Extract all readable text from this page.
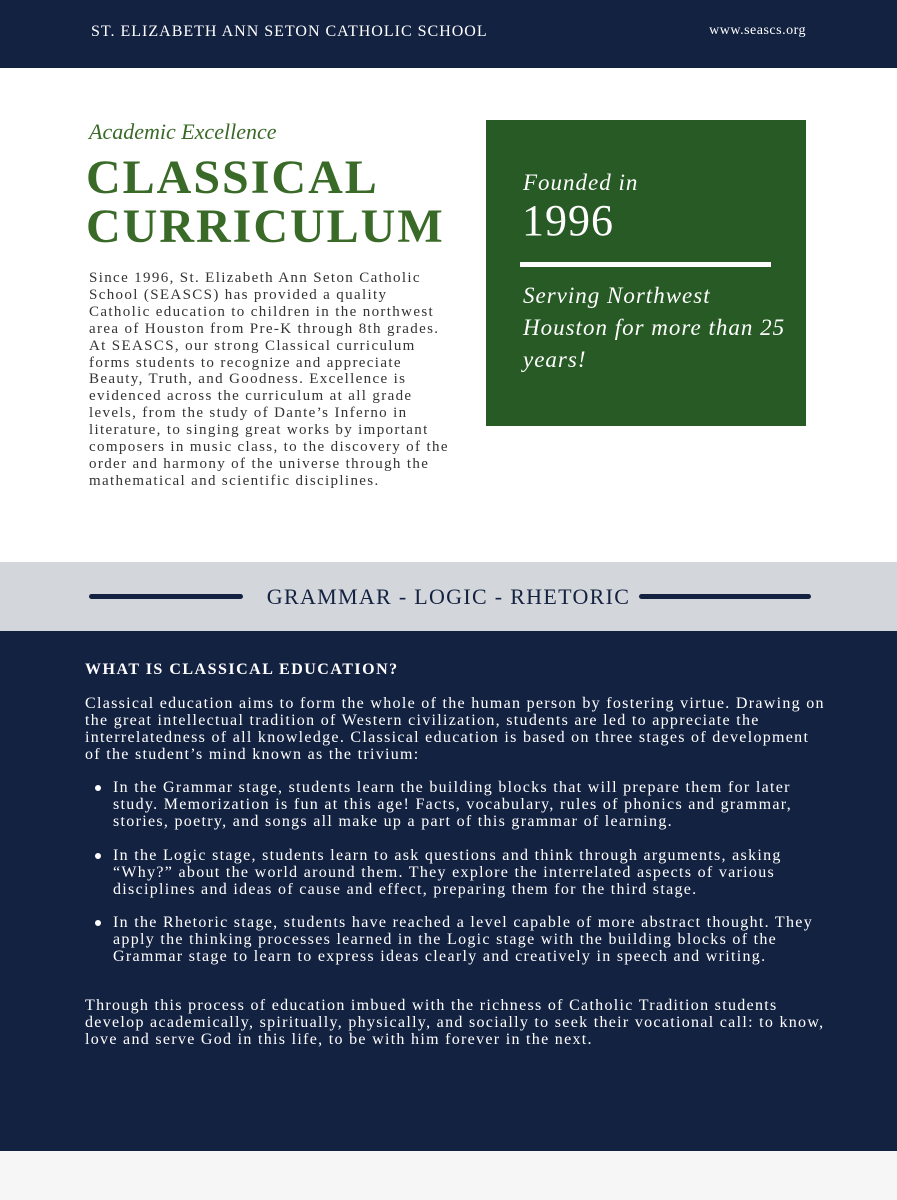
ST. ELIZABETH ANN SETON CATHOLIC SCHOOL	www.seascs.org
Academic Excellence
CLASSICAL
CURRICULUM

Since 1996, St. Elizabeth Ann Seton Catholic School (SEASCS) has provided a quality Catholic education to children in the northwest area of Houston from Pre-K through 8th grades. At SEASCS, our strong Classical curriculum forms students to recognize and appreciate Beauty, Truth, and Goodness. Excellence is evidenced across the curriculum at all grade levels, from the study of Dante’s Inferno in literature, to singing great works by important composers in music class, to the discovery of the order and harmony of the universe through the mathematical and scientific disciplines.

Founded in
1996
Serving Northwest Houston for more than 25 years!
GRAMMAR - LOGIC - RHETORIC
WHAT IS CLASSICAL EDUCATION?

Classical education aims to form the whole of the human person by fostering virtue. Drawing on the great intellectual tradition of Western civilization, students are led to appreciate the interrelatedness of all knowledge. Classical education is based on three stages of development of the student’s mind known as the trivium:

In the Grammar stage, students learn the building blocks that will prepare them for later study. Memorization is fun at this age! Facts, vocabulary, rules of phonics and grammar, stories, poetry, and songs all make up a part of this grammar of learning.
In the Logic stage, students learn to ask questions and think through arguments, asking “Why?” about the world around them. They explore the interrelated aspects of various disciplines and ideas of cause and effect, preparing them for the third stage.
In the Rhetoric stage, students have reached a level capable of more abstract thought. They apply the thinking processes learned in the Logic stage with the building blocks of the Grammar stage to learn to express ideas clearly and creatively in speech and writing.

Through this process of education imbued with the richness of Catholic Tradition students develop academically, spiritually, physically, and socially to seek their vocational call: to know, love and serve God in this life, to be with him forever in the next.
